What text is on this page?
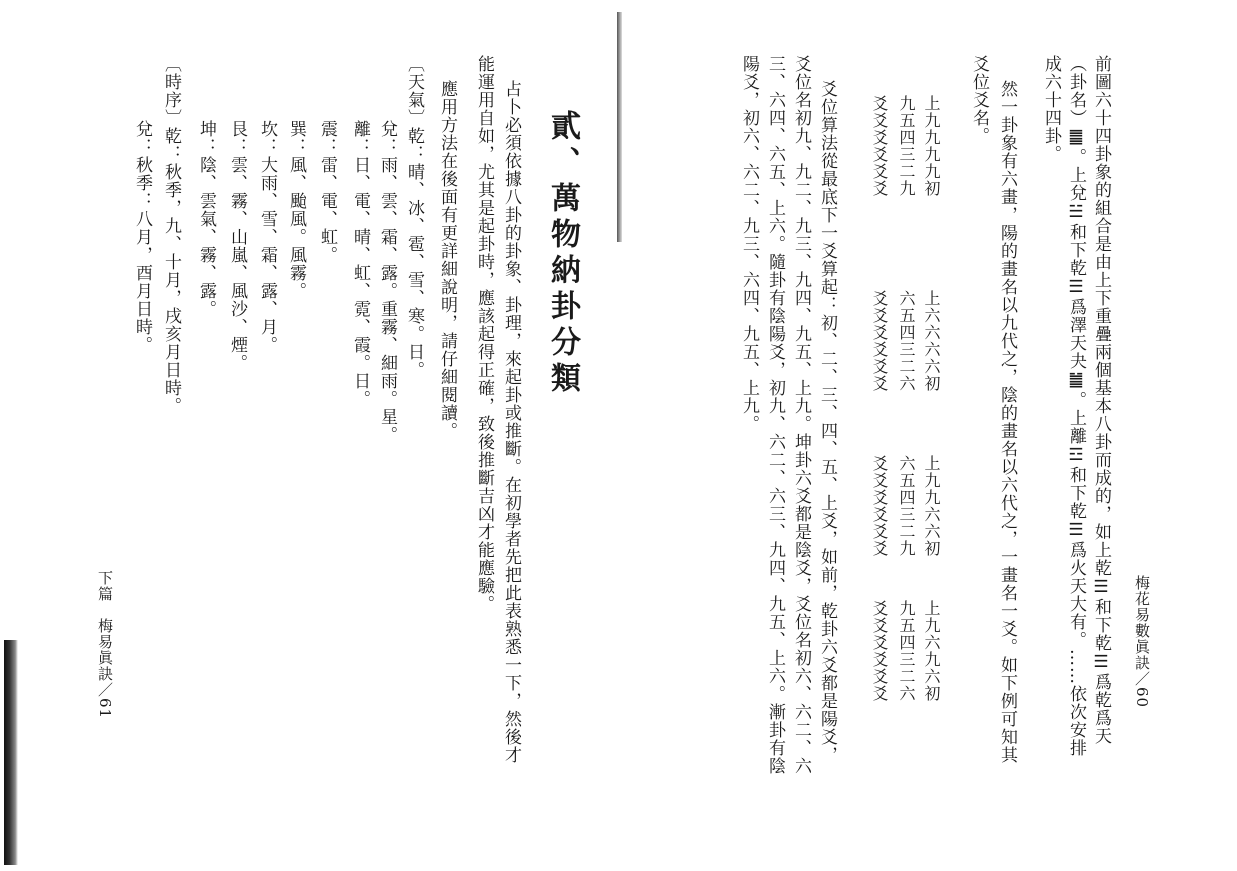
梅花易數眞訣／60
前圖六十四卦象的組合是由上下重疊兩個基本八卦而成的，如上乾☰和下乾☰爲乾爲天
（卦名）䷀。上兌☱和下乾☰爲澤天夬䷪。上離☲和下乾☰爲火天大有。……依次安排
成六十四卦。
然一卦象有六畫，陽的畫名以九代之，陰的畫名以六代之，一畫名一爻。如下例可知其
爻位爻名。
上九九九九初
九五四三二九
爻爻爻爻爻爻
上六六六六初
六五四三二六
爻爻爻爻爻爻
上九九六六初
六五四三二九
爻爻爻爻爻爻
上九六九六初
九五四三二六
爻爻爻爻爻爻
爻位算法從最底下一爻算起：初、二、三、四、五、上爻，如前，乾卦六爻都是陽爻，
爻位名初九、九二、九三、九四、九五、上九。坤卦六爻都是陰爻，爻位名初六、六二、六
三、六四、六五、上六。隨卦有陰陽爻，初九、六二、六三、九四、九五、上六。漸卦有陰
陽爻，初六、六二、九三、六四、九五、上九。
貳、萬物納卦分類
占卜必須依據八卦的卦象、卦理，來起卦或推斷。在初學者先把此表熟悉一下，然後才
能運用自如，尤其是起卦時，應該起得正確，致後推斷吉凶才能應驗。
應用方法在後面有更詳細說明，請仔細閱讀。
〔天氣〕乾：晴、冰、雹、雪、寒。日。
兌：雨、雲、霜、露。重霧、細雨。星。
離：日、電、晴、虹、霓、霞。日。
震：雷、電、虹。
巽：風、颱風。風霧。
坎：大雨、雪、霜、露、月。
艮：雲、霧、山嵐、風沙、煙。
坤：陰、雲氣、霧、露。
〔時序〕乾：秋季，九、十月，戌亥月日時。
兌：秋季：八月，酉月日時。
下篇　梅易眞訣／61
